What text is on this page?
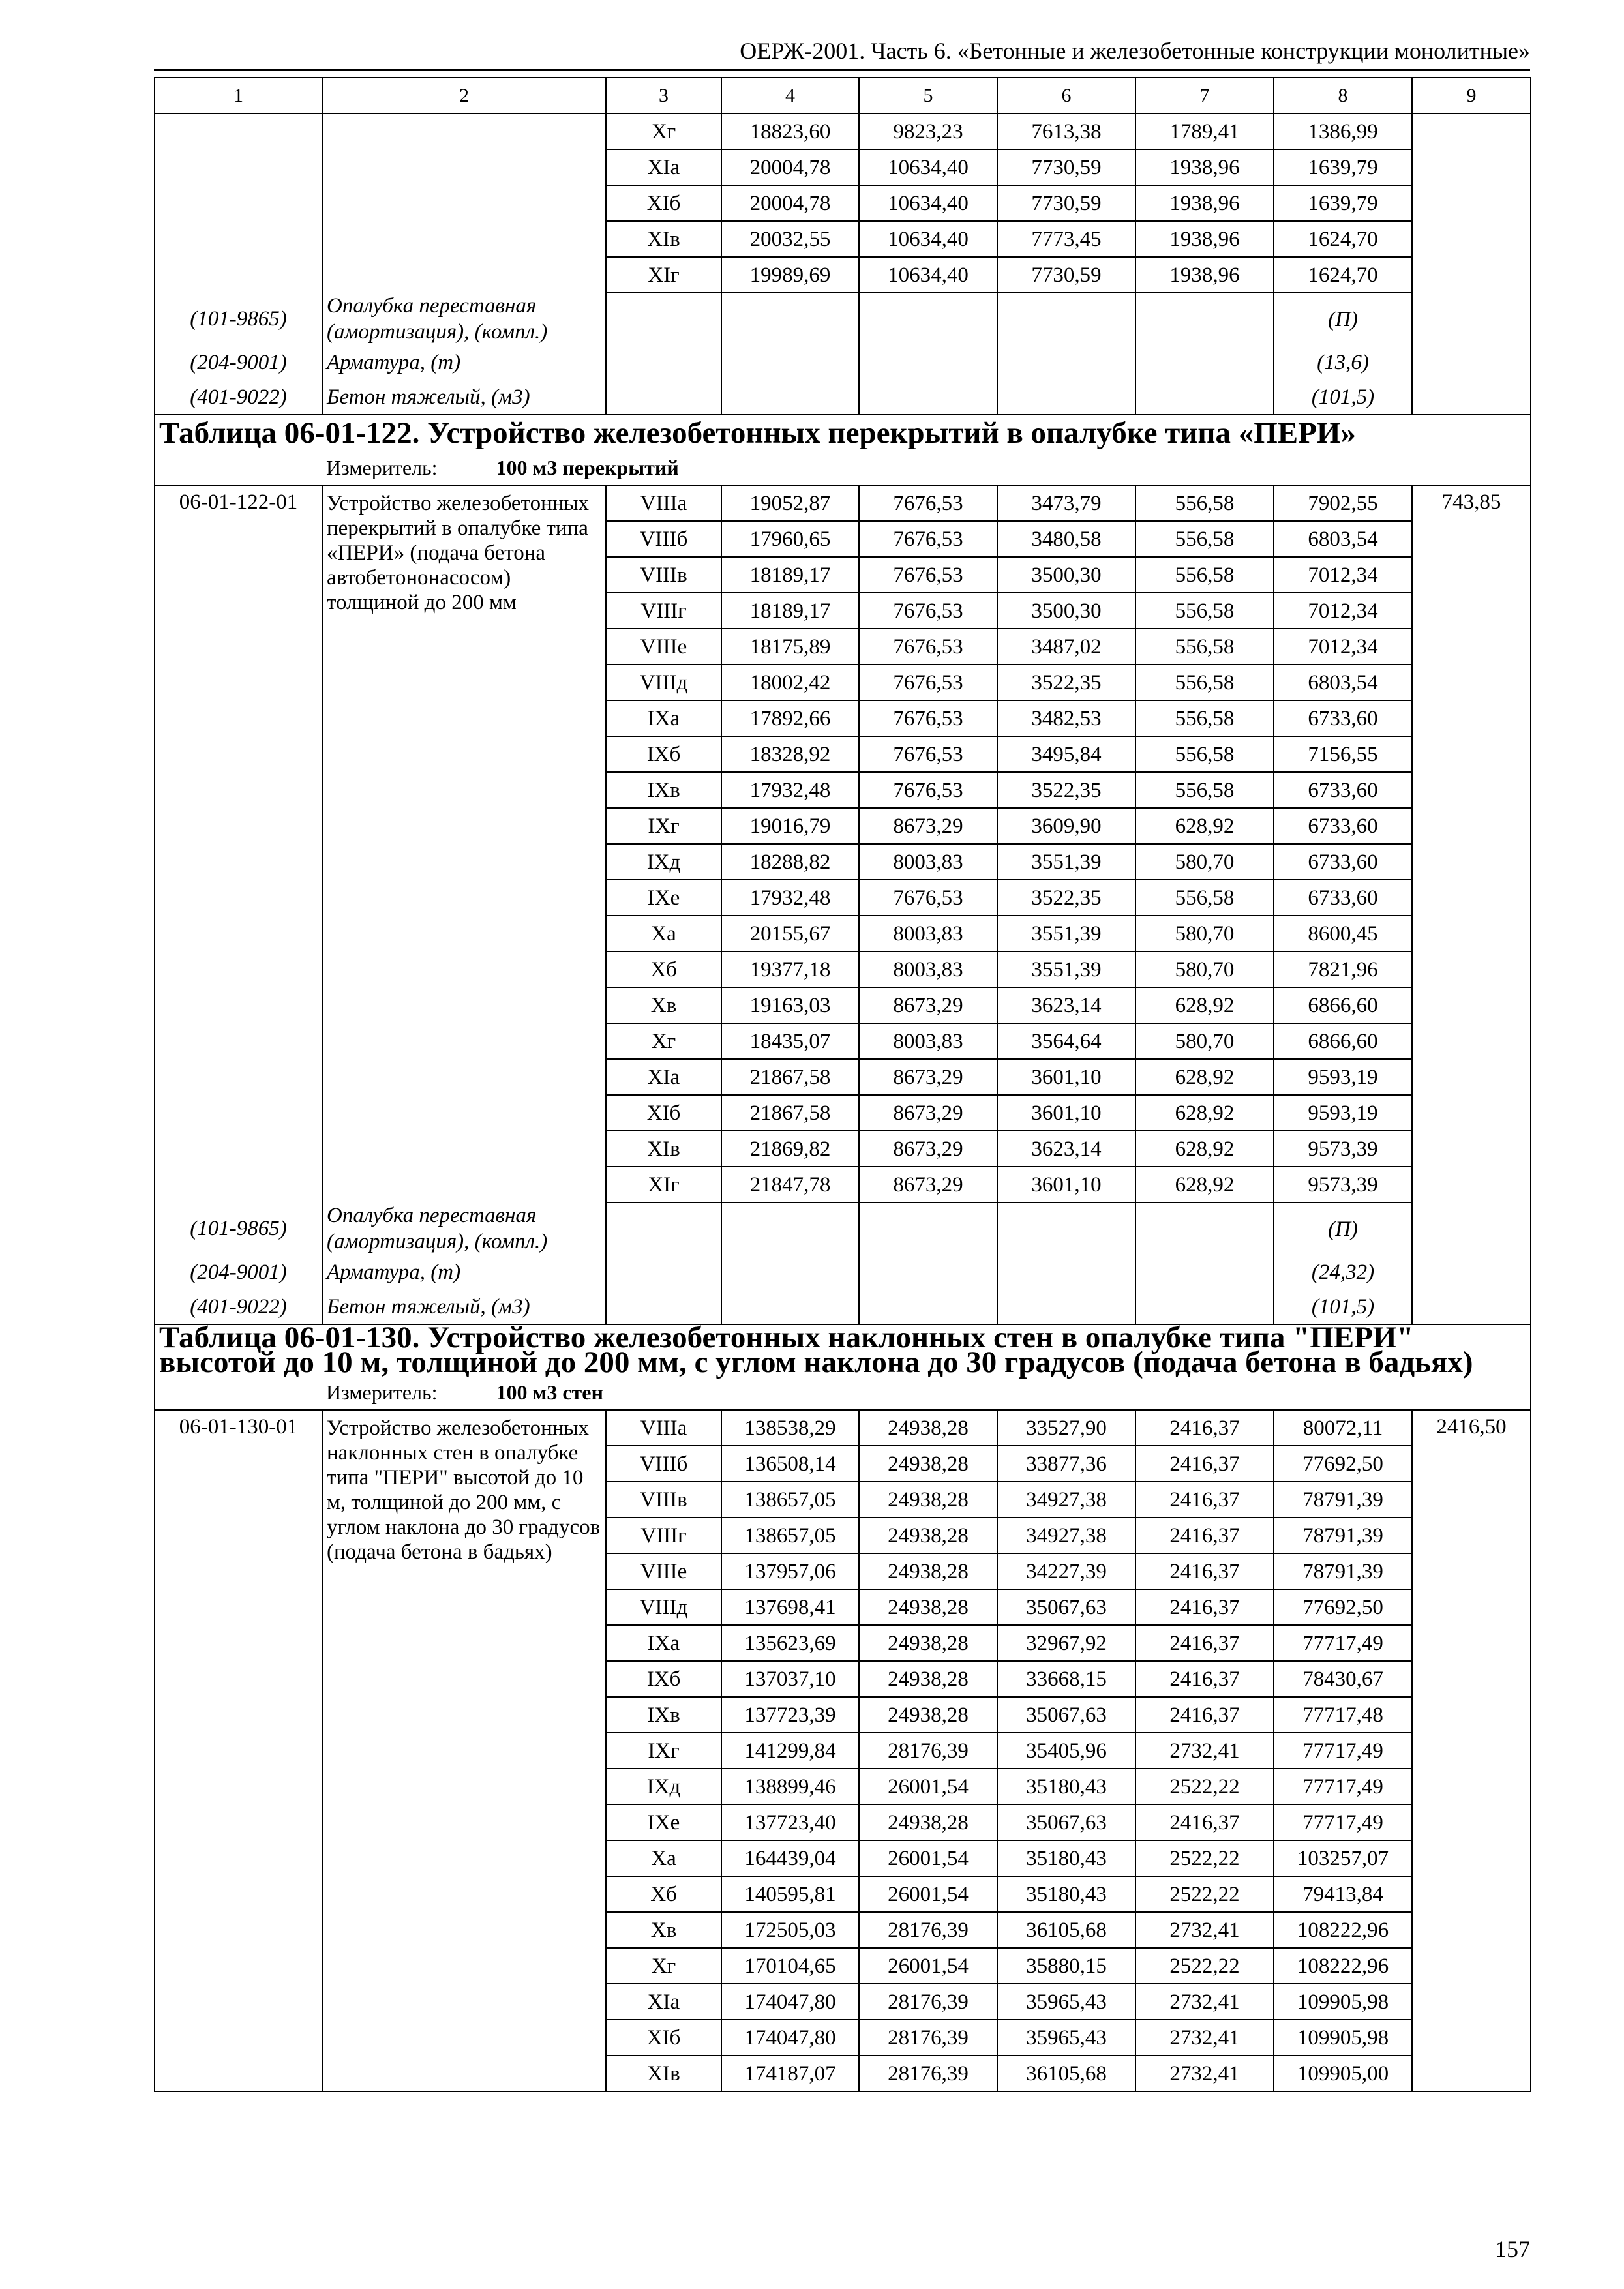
ОЕРЖ-2001. Часть 6. «Бетонные и железобетонные конструкции монолитные»
1	2	3	4	5	6	7	8	9
		Xг	18823,60	9823,23	7613,38	1789,41	1386,99	
		XIа	20004,78	10634,40	7730,59	1938,96	1639,79	
		XIб	20004,78	10634,40	7730,59	1938,96	1639,79	
		XIв	20032,55	10634,40	7773,45	1938,96	1624,70	
		XIг	19989,69	10634,40	7730,59	1938,96	1624,70	
(101-9865)	Опалубка переставная (амортизация), (компл.)						(П)	
(204-9001)	Арматура, (т)						(13,6)	
(401-9022)	Бетон тяжелый, (м3)						(101,5)	
Таблица 06-01-122. Устройство железобетонных перекрытий в опалубке типа «ПЕРИ»								
	Измеритель: 100 м3 перекрытий							
06-01-122-01	Устройство железобетонных перекрытий в опалубке типа «ПЕРИ» (подача бетона автобетононасосом) толщиной до 200 мм	VIIIа	19052,87	7676,53	3473,79	556,58	7902,55	743,85
		VIIIб	17960,65	7676,53	3480,58	556,58	6803,54	
		VIIIв	18189,17	7676,53	3500,30	556,58	7012,34	
		VIIIг	18189,17	7676,53	3500,30	556,58	7012,34	
		VIIIе	18175,89	7676,53	3487,02	556,58	7012,34	
		VIIIд	18002,42	7676,53	3522,35	556,58	6803,54	
		IXа	17892,66	7676,53	3482,53	556,58	6733,60	
		IXб	18328,92	7676,53	3495,84	556,58	7156,55	
		IXв	17932,48	7676,53	3522,35	556,58	6733,60	
		IXг	19016,79	8673,29	3609,90	628,92	6733,60	
		IXд	18288,82	8003,83	3551,39	580,70	6733,60	
		IXе	17932,48	7676,53	3522,35	556,58	6733,60	
		Xа	20155,67	8003,83	3551,39	580,70	8600,45	
		Xб	19377,18	8003,83	3551,39	580,70	7821,96	
		Xв	19163,03	8673,29	3623,14	628,92	6866,60	
		Xг	18435,07	8003,83	3564,64	580,70	6866,60	
		XIа	21867,58	8673,29	3601,10	628,92	9593,19	
		XIб	21867,58	8673,29	3601,10	628,92	9593,19	
		XIв	21869,82	8673,29	3623,14	628,92	9573,39	
		XIг	21847,78	8673,29	3601,10	628,92	9573,39	
(101-9865)	Опалубка переставная (амортизация), (компл.)						(П)	
(204-9001)	Арматура, (т)						(24,32)	
(401-9022)	Бетон тяжелый, (м3)						(101,5)	
Таблица 06-01-130. Устройство железобетонных наклонных стен в опалубке типа "ПЕРИ" высотой до 10 м, толщиной до 200 мм, с углом наклона до 30 градусов (подача бетона в бадьях)								
	Измеритель: 100 м3 стен							
06-01-130-01	Устройство железобетонных наклонных стен в опалубке типа "ПЕРИ" высотой до 10 м, толщиной до 200 мм, с углом наклона до 30 градусов (подача бетона в бадьях)	VIIIа	138538,29	24938,28	33527,90	2416,37	80072,11	2416,50
		VIIIб	136508,14	24938,28	33877,36	2416,37	77692,50	
		VIIIв	138657,05	24938,28	34927,38	2416,37	78791,39	
		VIIIг	138657,05	24938,28	34927,38	2416,37	78791,39	
		VIIIе	137957,06	24938,28	34227,39	2416,37	78791,39	
		VIIIд	137698,41	24938,28	35067,63	2416,37	77692,50	
		IXа	135623,69	24938,28	32967,92	2416,37	77717,49	
		IXб	137037,10	24938,28	33668,15	2416,37	78430,67	
		IXв	137723,39	24938,28	35067,63	2416,37	77717,48	
		IXг	141299,84	28176,39	35405,96	2732,41	77717,49	
		IXд	138899,46	26001,54	35180,43	2522,22	77717,49	
		IXе	137723,40	24938,28	35067,63	2416,37	77717,49	
		Xа	164439,04	26001,54	35180,43	2522,22	103257,07	
		Xб	140595,81	26001,54	35180,43	2522,22	79413,84	
		Xв	172505,03	28176,39	36105,68	2732,41	108222,96	
		Xг	170104,65	26001,54	35880,15	2522,22	108222,96	
		XIа	174047,80	28176,39	35965,43	2732,41	109905,98	
		XIб	174047,80	28176,39	35965,43	2732,41	109905,98	
		XIв	174187,07	28176,39	36105,68	2732,41	109905,00	
157
